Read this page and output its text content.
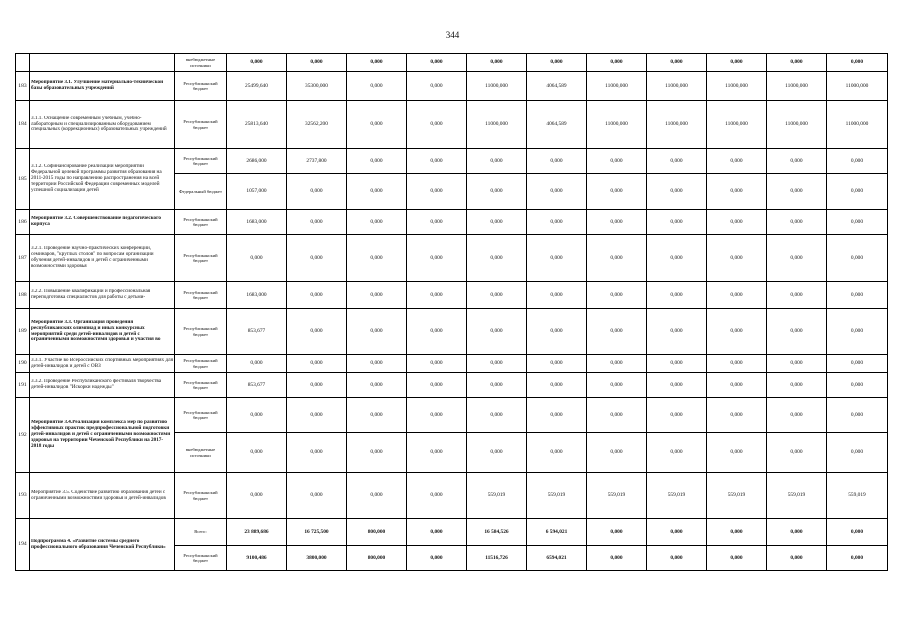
344

	внебюджетные источники	0,000	0,000	0,000	0,000	0,000	0,000	0,000	0,000	0,000	0,000	0,000
183	Мероприятие 3.1. Улучшение материально-технической базы образовательных учреждений	Республиканский бюджет	25499,640	35300,000	0,000	0,000	11000,000	4064,589	11000,000	11000,000	11000,000	11000,000	11000,000
184	3.1.1. Оснащение современным учебным, учебно-лабораторным и специализированным оборудованием специальных (коррекционных) образовательных учреждений	Республиканский бюджет	25813,640	32562,200	0,000	0,000	11000,000	4064,589	11000,000	11000,000	11000,000	11000,000	11000,000
185	3.1.2. Софинансирование реализации мероприятий Федеральной целевой программы развития образования на 2011-2015 годы по направлению распространения на всей территории Российской Федерации современных моделей успешной социализации детей	Республиканский бюджет	2686,000	2737,800	0,000	0,000	0,000	0,000	0,000	0,000	0,000	0,000	0,000
		Федеральный бюджет	1057,000	0,000	0,000	0,000	0,000	0,000	0,000	0,000	0,000	0,000	0,000
186	Мероприятие 3.2. Совершенствование педагогического корпуса	Республиканский бюджет	1683,000	0,000	0,000	0,000	0,000	0,000	0,000	0,000	0,000	0,000	0,000
187	3.2.1. Проведение научно-практических конференций, семинаров, "круглых столов" по вопросам организации обучения детей-инвалидов и детей с ограниченными возможностями здоровья	Республиканский бюджет	0,000	0,000	0,000	0,000	0,000	0,000	0,000	0,000	0,000	0,000	0,000
188	3.2.2. Повышение квалификации и профессиональная переподготовка специалистов для работы с детьми-	Республиканский бюджет	1683,000	0,000	0,000	0,000	0,000	0,000	0,000	0,000	0,000	0,000	0,000
189	Мероприятие 3.3. Организация проведения республиканских олимпиад и иных конкурсных мероприятий среди детей-инвалидов и детей с ограниченными возможностями здоровья и участия во	Республиканский бюджет	853,677	0,000	0,000	0,000	0,000	0,000	0,000	0,000	0,000	0,000	0,000
190	3.3.1. Участие во Всероссийских спортивных мероприятиях для детей-инвалидов и детей с ОВЗ	Республиканский бюджет	0,000	0,000	0,000	0,000	0,000	0,000	0,000	0,000	0,000	0,000	0,000
191	3.3.2. Проведение Республиканского фестиваля творчества детей-инвалидов "Искорки надежды"	Республиканский бюджет	853,677	0,000	0,000	0,000	0,000	0,000	0,000	0,000	0,000	0,000	0,000
192	Мероприятие 3.4.Реализация комплекса мер по развитию эффективных практик предпрофессиональной подготовки детей-инвалидов и детей с ограниченными возможностями здоровья на территории Чеченской Республики на 2017-2018 годы	Республиканский бюджет	0,000	0,000	0,000	0,000	0,000	0,000	0,000	0,000	0,000	0,000	0,000
		внебюджетные источники	0,000	0,000	0,000	0,000	0,000	0,000	0,000	0,000	0,000	0,000	0,000
193	Мероприятие 3.5. Содействие развитию образования детей с ограниченными возможностями здоровья и детей-инвалидов	Республиканский бюджет	0,000	0,000	0,000	0,000	559,019	559,019	559,019	559,019	559,019	559,019	559,019
194	Подпрограмма 4. «Развитие системы среднего профессионального образования Чеченской Республики»	Всего:	23 889,686	16 725,500	800,000	0,000	16 584,526	6 594,021	0,000	0,000	0,000	0,000	0,000
		Республиканский бюджет	9100,486	3800,000	800,000	0,000	11516,726	6594,021	0,000	0,000	0,000	0,000	0,000
